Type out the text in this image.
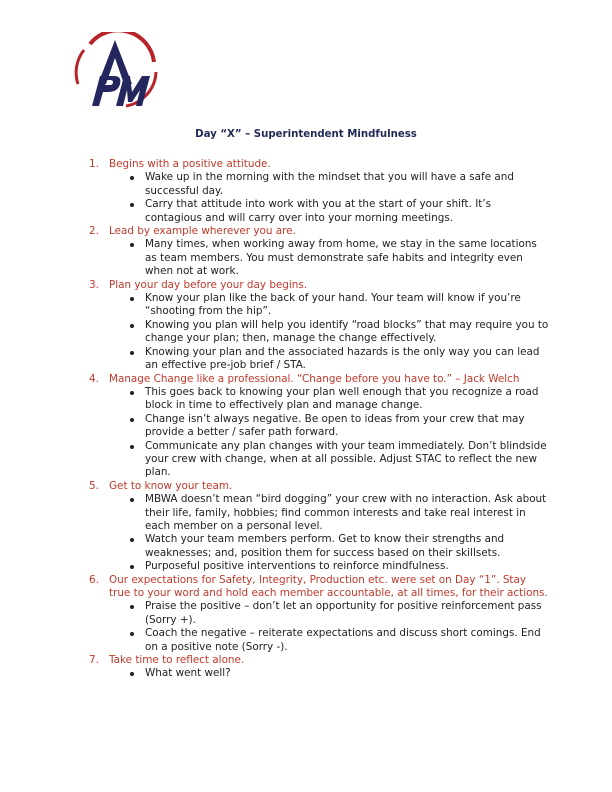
Day “X” – Superintendent Mindfulness
1. Begins with a positive attitude.
Wake up in the morning with the mindset that you will have a safe and successful day.
Carry that attitude into work with you at the start of your shift. It’s contagious and will carry over into your morning meetings.
2. Lead by example wherever you are.
Many times, when working away from home, we stay in the same locations as team members. You must demonstrate safe habits and integrity even when not at work.
3. Plan your day before your day begins.
Know your plan like the back of your hand. Your team will know if you’re “shooting from the hip”.
Knowing you plan will help you identify “road blocks” that may require you to change your plan; then, manage the change effectively.
Knowing your plan and the associated hazards is the only way you can lead an effective pre-job brief / STA.
4. Manage Change like a professional. “Change before you have to.” – Jack Welch
This goes back to knowing your plan well enough that you recognize a road block in time to effectively plan and manage change.
Change isn’t always negative. Be open to ideas from your crew that may provide a better / safer path forward.
Communicate any plan changes with your team immediately. Don’t blindside your crew with change, when at all possible. Adjust STAC to reflect the new plan.
5. Get to know your team.
MBWA doesn’t mean “bird dogging” your crew with no interaction. Ask about their life, family, hobbies; find common interests and take real interest in each member on a personal level.
Watch your team members perform. Get to know their strengths and weaknesses; and, position them for success based on their skillsets.
Purposeful positive interventions to reinforce mindfulness.
6. Our expectations for Safety, Integrity, Production etc. were set on Day “1”. Stay true to your word and hold each member accountable, at all times, for their actions.
Praise the positive – don’t let an opportunity for positive reinforcement pass (Sorry +).
Coach the negative – reiterate expectations and discuss short comings. End on a positive note (Sorry -).
7. Take time to reflect alone.
What went well?
